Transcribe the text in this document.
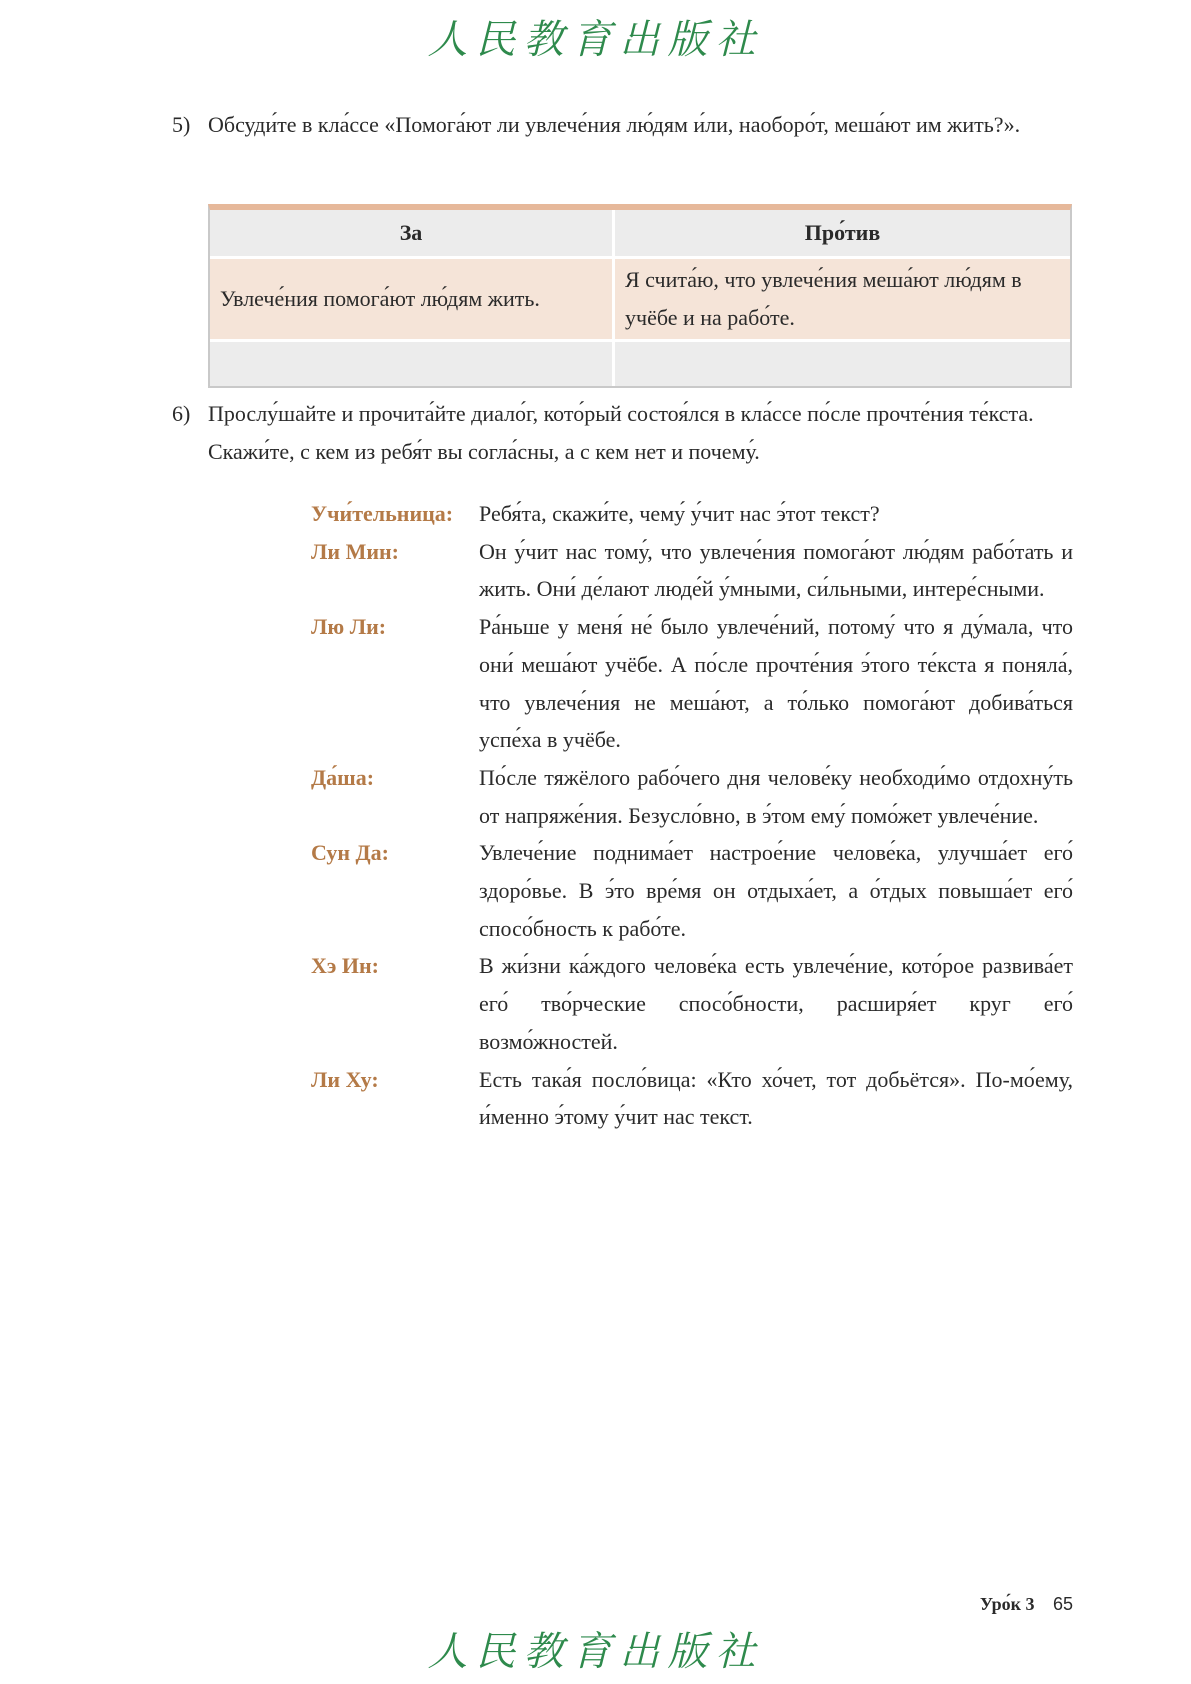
人民教育出版社
5) Обсуди́те в кла́ссе «Помога́ют ли увлече́ния лю́дям и́ли, наоборо́т, меша́ют им жить?».
За	Про́тив
Увлече́ния помога́ют лю́дям жить.	Я счита́ю, что увлече́ния меша́ют лю́дям в учёбе и на рабо́те.

6) Прослу́шайте и прочита́йте диало́г, кото́рый состоя́лся в кла́ссе по́сле прочте́ния те́кста. Скажи́те, с кем из ребя́т вы согла́сны, а с кем нет и почему́.
Учи́тельница:	Ребя́та, скажи́те, чему́ у́чит нас э́тот текст?
Ли Мин:	Он у́чит нас тому́, что увлече́ния помога́ют лю́дям рабо́тать и жить. Они́ де́лают люде́й у́мными, си́льными, интере́сными.
Лю Ли:	Ра́ньше у меня́ не́ было увлече́ний, потому́ что я ду́мала, что они́ меша́ют учёбе. А по́сле прочте́ния э́того те́кста я поняла́, что увлече́ния не меша́ют, а то́лько помога́ют добива́ться успе́ха в учёбе.
Да́ша:	По́сле тяжёлого рабо́чего дня челове́ку необходи́мо отдохну́ть от напряже́ния. Безусло́вно, в э́том ему́ помо́жет увлече́ние.
Сун Да:	Увлече́ние поднима́ет настрое́ние челове́ка, улучша́ет его́ здоро́вье. В э́то вре́мя он отдыха́ет, а о́тдых повыша́ет его́ спосо́бность к рабо́те.
Хэ Ин:	В жи́зни ка́ждого челове́ка есть увлече́ние, кото́рое развива́ет его́ тво́рческие спосо́бности, расширя́ет круг его́ возмо́жностей.
Ли Ху:	Есть така́я посло́вица: «Кто хо́чет, тот добьётся». По-мо́ему, и́менно э́тому у́чит нас текст.
Уро́к 3 65
人民教育出版社
